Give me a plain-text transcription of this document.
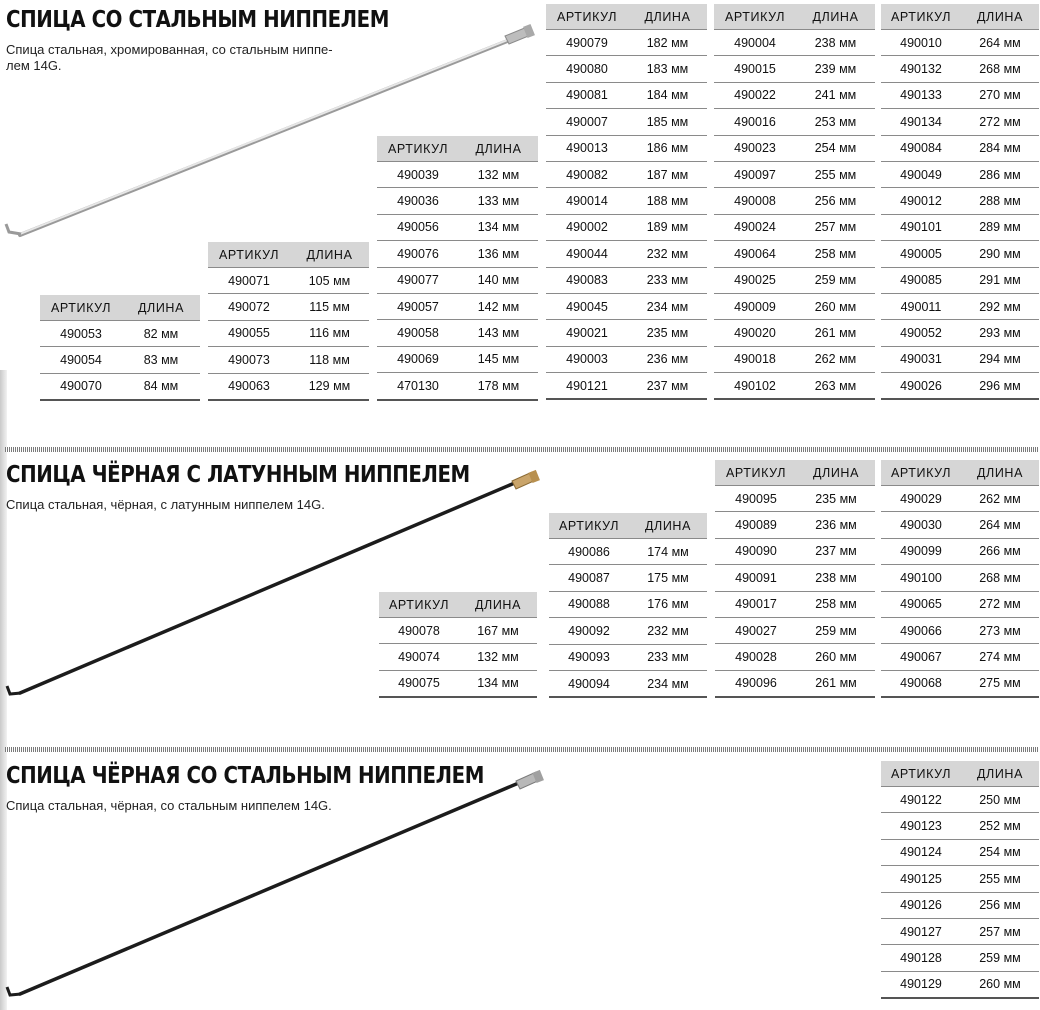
СПИЦА СО СТАЛЬНЫМ НИППЕЛЕМ

Спица стальная, хромированная, со стальным ниппе-
лем 14G.

АРТИКУЛ	ДЛИНА
490053	82 мм
490054	83 мм
490070	84 мм
АРТИКУЛ	ДЛИНА
490071	105 мм
490072	115 мм
490055	116 мм
490073	118 мм
490063	129 мм
АРТИКУЛ	ДЛИНА
490039	132 мм
490036	133 мм
490056	134 мм
490076	136 мм
490077	140 мм
490057	142 мм
490058	143 мм
490069	145 мм
470130	178 мм
АРТИКУЛ	ДЛИНА
490079	182 мм
490080	183 мм
490081	184 мм
490007	185 мм
490013	186 мм
490082	187 мм
490014	188 мм
490002	189 мм
490044	232 мм
490083	233 мм
490045	234 мм
490021	235 мм
490003	236 мм
490121	237 мм
АРТИКУЛ	ДЛИНА
490004	238 мм
490015	239 мм
490022	241 мм
490016	253 мм
490023	254 мм
490097	255 мм
490008	256 мм
490024	257 мм
490064	258 мм
490025	259 мм
490009	260 мм
490020	261 мм
490018	262 мм
490102	263 мм
АРТИКУЛ	ДЛИНА
490010	264 мм
490132	268 мм
490133	270 мм
490134	272 мм
490084	284 мм
490049	286 мм
490012	288 мм
490101	289 мм
490005	290 мм
490085	291 мм
490011	292 мм
490052	293 мм
490031	294 мм
490026	296 мм
СПИЦА ЧЁРНАЯ С ЛАТУННЫМ НИППЕЛЕМ

Спица стальная, чёрная, с латунным ниппелем 14G.

АРТИКУЛ	ДЛИНА
490078	167 мм
490074	132 мм
490075	134 мм
АРТИКУЛ	ДЛИНА
490086	174 мм
490087	175 мм
490088	176 мм
490092	232 мм
490093	233 мм
490094	234 мм
АРТИКУЛ	ДЛИНА
490095	235 мм
490089	236 мм
490090	237 мм
490091	238 мм
490017	258 мм
490027	259 мм
490028	260 мм
490096	261 мм
АРТИКУЛ	ДЛИНА
490029	262 мм
490030	264 мм
490099	266 мм
490100	268 мм
490065	272 мм
490066	273 мм
490067	274 мм
490068	275 мм
СПИЦА ЧЁРНАЯ СО СТАЛЬНЫМ НИППЕЛЕМ

Спица стальная, чёрная, со стальным ниппелем 14G.

АРТИКУЛ	ДЛИНА
490122	250 мм
490123	252 мм
490124	254 мм
490125	255 мм
490126	256 мм
490127	257 мм
490128	259 мм
490129	260 мм
